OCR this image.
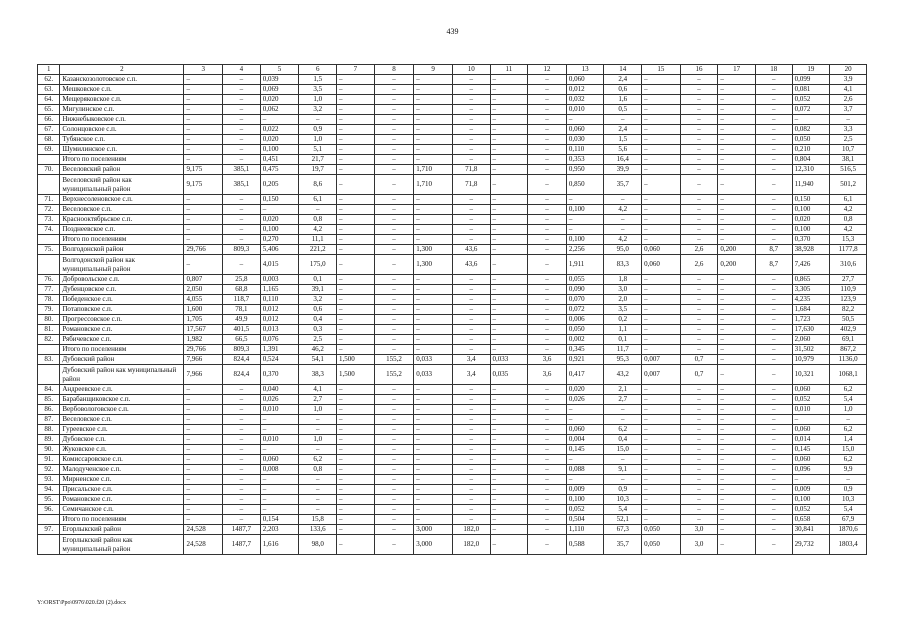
439
1	2	3	4	5	6	7	8	9	10	11	12	13	14	15	16	17	18	19	20
62.	Казанскозолотовское с.п.	–	–	0,039	1,5	–	–	–	–	–	–	0,060	2,4	–	–	–	–	0,099	3,9
63.	Мешковское с.п.	–	–	0,069	3,5	–	–	–	–	–	–	0,012	0,6	–	–	–	–	0,081	4,1
64.	Мещеряковское с.п.	–	–	0,020	1,0	–	–	–	–	–	–	0,032	1,6	–	–	–	–	0,052	2,6
65.	Мигулинское с.п.	–	–	0,062	3,2	–	–	–	–	–	–	0,010	0,5	–	–	–	–	0,072	3,7
66.	Нижнебыковское с.п.	–	–	–	–	–	–	–	–	–	–	–	–	–	–	–	–	–	–
67.	Солонцовское с.п.	–	–	0,022	0,9	–	–	–	–	–	–	0,060	2,4	–	–	–	–	0,082	3,3
68.	Тубянское с.п.	–	–	0,020	1,0	–	–	–	–	–	–	0,030	1,5	–	–	–	–	0,050	2,5
69.	Шумилинское с.п.	–	–	0,100	5,1	–	–	–	–	–	–	0,110	5,6	–	–	–	–	0,210	10,7
	Итого по поселениям	–	–	0,451	21,7	–	–	–	–	–	–	0,353	16,4	–	–	–	–	0,804	38,1
70.	Веселовский район	9,175	385,1	0,475	19,7	–	–	1,710	71,8	–	–	0,950	39,9	–	–	–	–	12,310	516,5
	Веселовский район как муниципальный район	9,175	385,1	0,205	8,6	–	–	1,710	71,8	–	–	0,850	35,7	–	–	–	–	11,940	501,2
71.	Верхнесоленовское с.п.	–	–	0,150	6,1	–	–	–	–	–	–	–	–	–	–	–	–	0,150	6,1
72.	Веселовское с.п.	–	–	–	–	–	–	–	–	–	–	0,100	4,2	–	–	–	–	0,100	4,2
73.	Краснооктябрьское с.п.	–	–	0,020	0,8	–	–	–	–	–	–	–	–	–	–	–	–	0,020	0,8
74.	Позднеевское с.п.	–	–	0,100	4,2	–	–	–	–	–	–	–	–	–	–	–	–	0,100	4,2
	Итого по поселениям	–	–	0,270	11,1	–	–	–	–	–	–	0,100	4,2	–	–	–	–	0,370	15,3
75.	Волгодонской район	29,766	809,3	5,406	221,2	–	–	1,300	43,6	–	–	2,256	95,0	0,060	2,6	0,200	8,7	38,928	1177,8
	Волгодонской район как муниципальный район	–	–	4,015	175,0	–	–	1,300	43,6	–	–	1,911	83,3	0,060	2,6	0,200	8,7	7,426	310,6
76.	Добровольское с.п.	0,807	25,8	0,003	0,1	–	–	–	–	–	–	0,055	1,8	–	–	–	–	0,865	27,7
77.	Дубенцовское с.п.	2,050	68,8	1,165	39,1	–	–	–	–	–	–	0,090	3,0	–	–	–	–	3,305	110,9
78.	Победенское с.п.	4,055	118,7	0,110	3,2	–	–	–	–	–	–	0,070	2,0	–	–	–	–	4,235	123,9
79.	Потаповское с.п.	1,600	78,1	0,012	0,6	–	–	–	–	–	–	0,072	3,5	–	–	–	–	1,684	82,2
80.	Прогрессовское с.п.	1,705	49,9	0,012	0,4	–	–	–	–	–	–	0,006	0,2	–	–	–	–	1,723	50,5
81.	Романовское с.п.	17,567	401,5	0,013	0,3	–	–	–	–	–	–	0,050	1,1	–	–	–	–	17,630	402,9
82.	Рябичевское с.п.	1,982	66,5	0,076	2,5	–	–	–	–	–	–	0,002	0,1	–	–	–	–	2,060	69,1
	Итого по поселениям	29,766	809,3	1,391	46,2	–	–	–	–	–	–	0,345	11,7	–	–	–	–	31,502	867,2
83.	Дубовский район	7,966	824,4	0,524	54,1	1,500	155,2	0,033	3,4	0,033	3,6	0,921	95,3	0,007	0,7	–	–	10,979	1136,0
	Дубовский район как муниципальный район	7,966	824,4	0,370	38,3	1,500	155,2	0,033	3,4	0,035	3,6	0,417	43,2	0,007	0,7	–	–	10,321	1068,1
84.	Андреевское с.п.	–	–	0,040	4,1	–	–	–	–	–	–	0,020	2,1	–	–	–	–	0,060	6,2
85.	Барабанщиковское с.п.	–	–	0,026	2,7	–	–	–	–	–	–	0,026	2,7	–	–	–	–	0,052	5,4
86.	Вербовологовское с.п.	–	–	0,010	1,0	–	–	–	–	–	–	–	–	–	–	–	–	0,010	1,0
87.	Веселовское с.п.	–	–	–	–	–	–	–	–	–	–	–	–	–	–	–	–	–	–
88.	Гуреевское с.п.	–	–	–	–	–	–	–	–	–	–	0,060	6,2	–	–	–	–	0,060	6,2
89.	Дубовское с.п.	–	–	0,010	1,0	–	–	–	–	–	–	0,004	0,4	–	–	–	–	0,014	1,4
90.	Жуковское с.п.	–	–	–	–	–	–	–	–	–	–	0,145	15,0	–	–	–	–	0,145	15,0
91.	Комиссаровское с.п.	–	–	0,060	6,2	–	–	–	–	–	–	–	–	–	–	–	–	0,060	6,2
92.	Малодученское с.п.	–	–	0,008	0,8	–	–	–	–	–	–	0,088	9,1	–	–	–	–	0,096	9,9
93.	Мирненское с.п.	–	–	–	–	–	–	–	–	–	–	–	–	–	–	–	–	–	–
94.	Присальское с.п.	–	–	–	–	–	–	–	–	–	–	0,009	0,9	–	–	–	–	0,009	0,9
95.	Романовское с.п.	–	–	–	–	–	–	–	–	–	–	0,100	10,3	–	–	–	–	0,100	10,3
96.	Семичанское с.п.	–	–	–	–	–	–	–	–	–	–	0,052	5,4	–	–	–	–	0,052	5,4
	Итого по поселениям	–	–	0,154	15,8	–	–	–	–	–	–	0,504	52,1	–	–	–	–	0,658	67,9
97.	Егорлыкский район	24,528	1487,7	2,203	133,6	–	–	3,000	182,0	–	–	1,110	67,3	0,050	3,0	–	–	30,841	1870,6
	Егорлыкский район как муниципальный район	24,528	1487,7	1,616	98,0	–	–	3,000	182,0	–	–	0,588	35,7	0,050	3,0	–	–	29,732	1803,4
Y:\ORST\Ppo\0976\020.f20 (2).docx
